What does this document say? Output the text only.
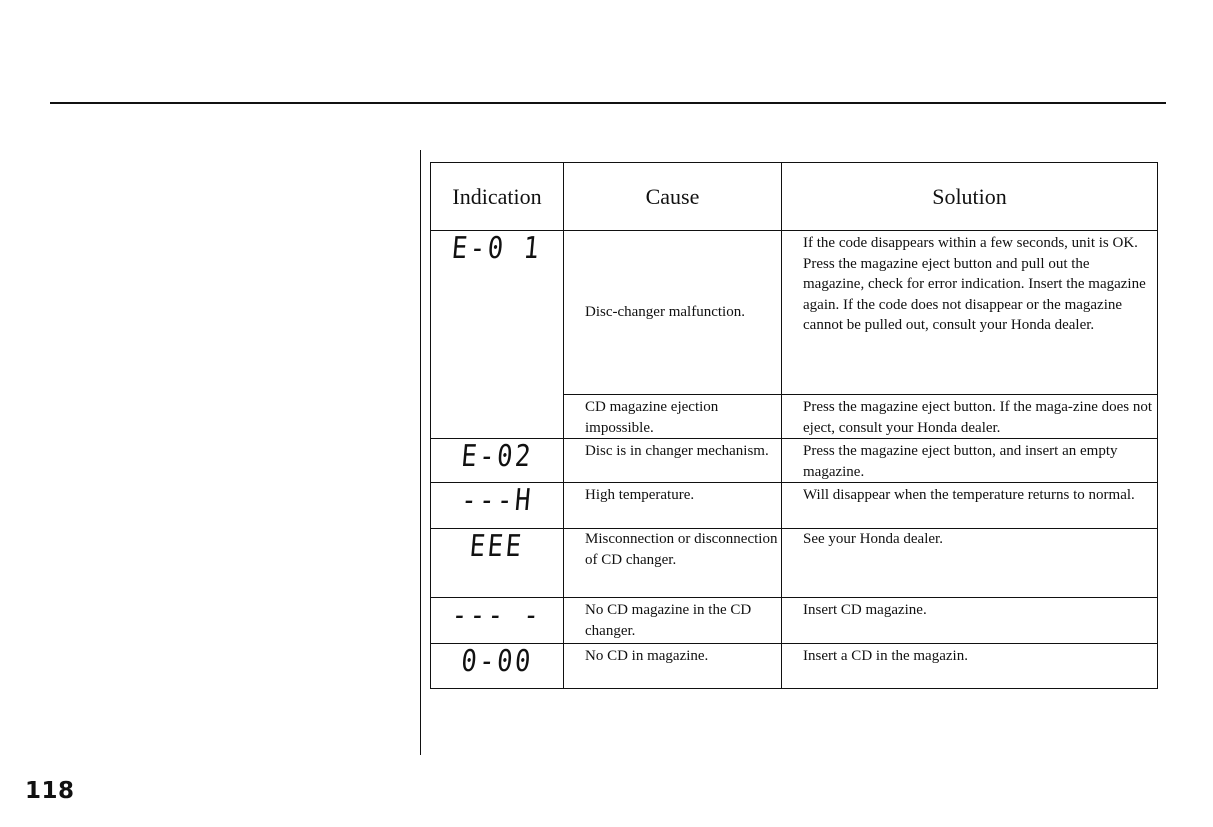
Indication	Cause	Solution
E-0 1	Disc-changer malfunction.	If the code disappears within a few seconds, unit is OK. Press the magazine eject button and pull out the magazine, check for error indication. Insert the magazine again. If the code does not disappear or the magazine cannot be pulled out, consult your Honda dealer.

	CD magazine ejection impossible.	Press the magazine eject button. If the maga-zine does not eject, consult your Honda dealer.

E-02	Disc is in changer mechanism.	Press the magazine eject button, and insert an empty magazine.

---H	High temperature.	Will disappear when the temperature returns to normal.

EEE	Misconnection or disconnection of CD changer.	See your Honda dealer.

--- -	No CD magazine in the CD changer.	Insert CD magazine.

0-00	No CD in magazine.	Insert a CD in the magazin.
118
